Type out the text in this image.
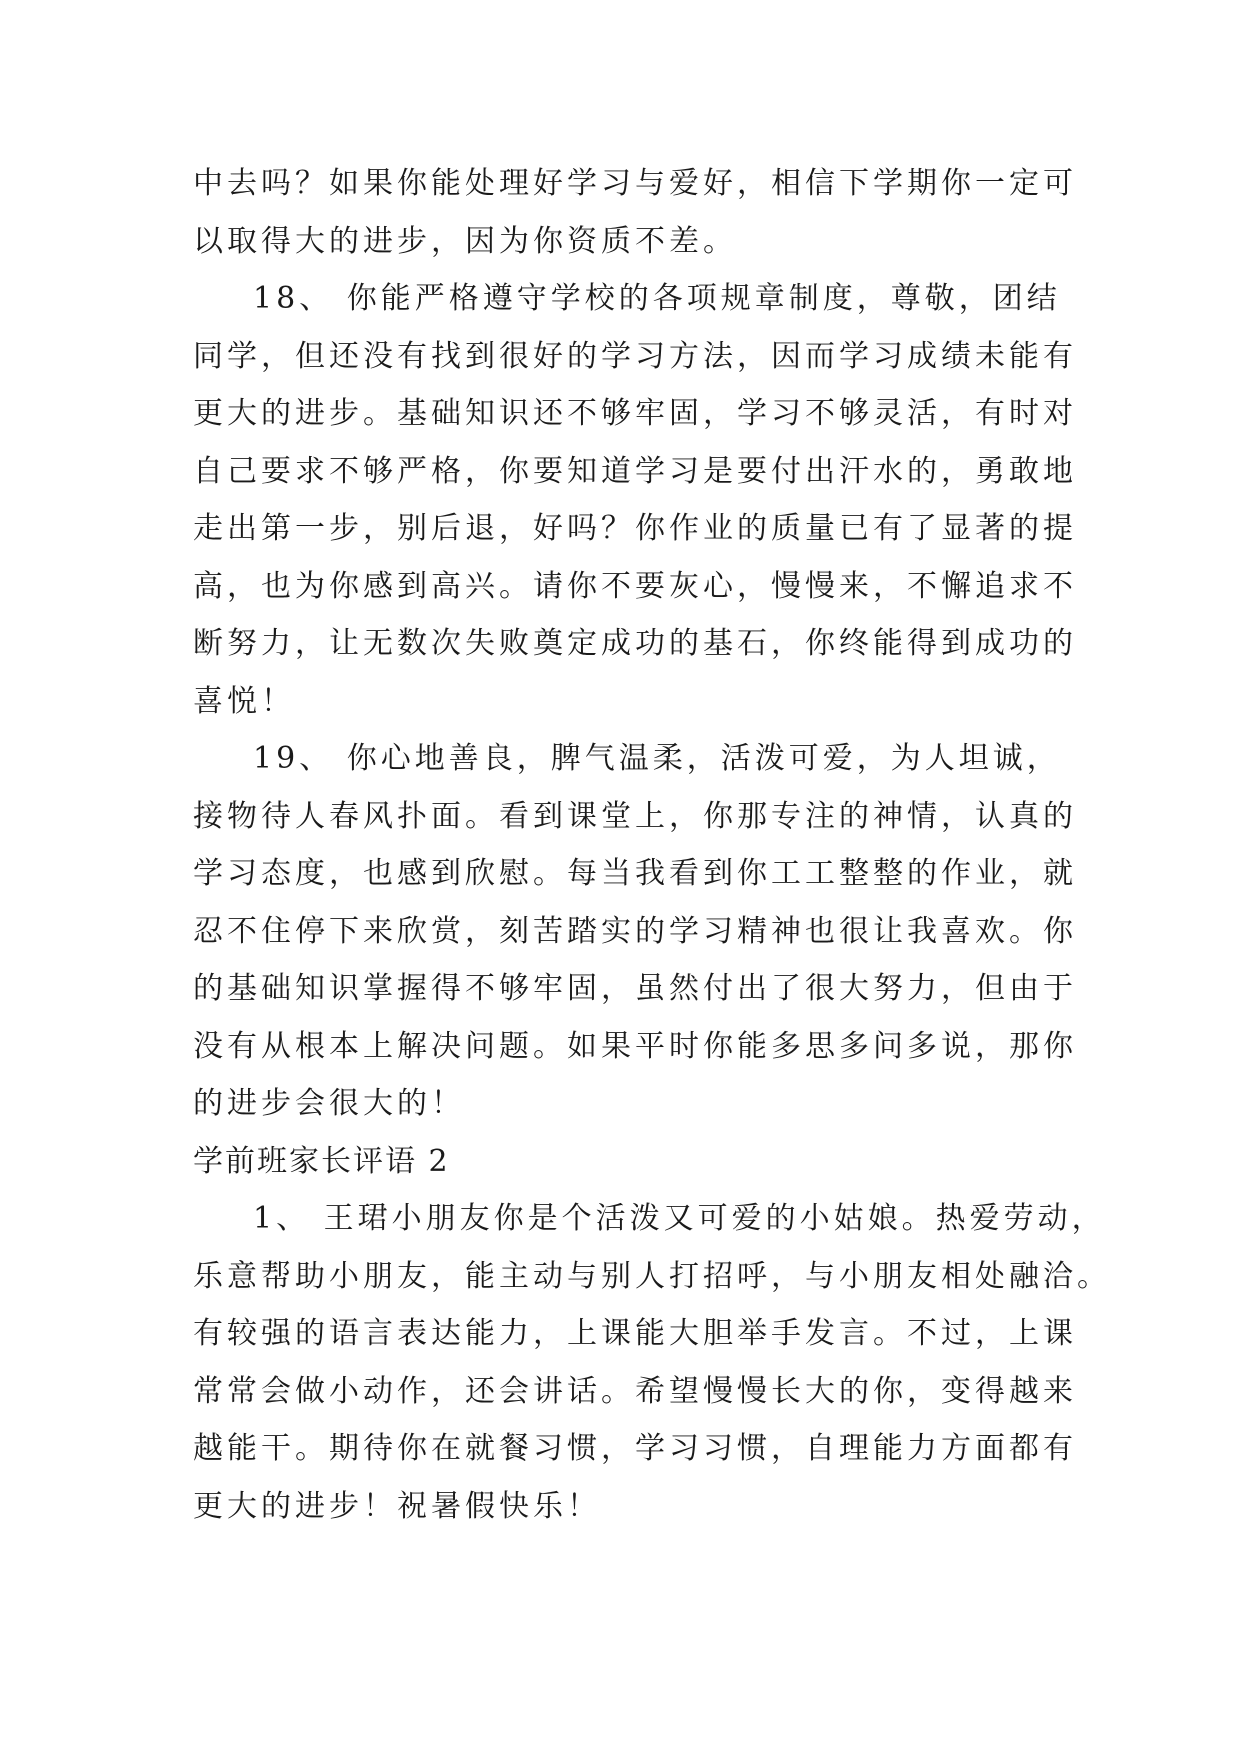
中去吗？如果你能处理好学习与爱好，相信下学期你一定可
以取得大的进步，因为你资质不差。
18、 你能严格遵守学校的各项规章制度，尊敬，团结
同学，但还没有找到很好的学习方法，因而学习成绩未能有
更大的进步。基础知识还不够牢固，学习不够灵活，有时对
自己要求不够严格，你要知道学习是要付出汗水的，勇敢地
走出第一步，别后退，好吗？你作业的质量已有了显著的提
高，也为你感到高兴。请你不要灰心，慢慢来，不懈追求不
断努力，让无数次失败奠定成功的基石，你终能得到成功的
喜悦！
19、 你心地善良，脾气温柔，活泼可爱，为人坦诚，
接物待人春风扑面。看到课堂上，你那专注的神情，认真的
学习态度，也感到欣慰。每当我看到你工工整整的作业，就
忍不住停下来欣赏，刻苦踏实的学习精神也很让我喜欢。你
的基础知识掌握得不够牢固，虽然付出了很大努力，但由于
没有从根本上解决问题。如果平时你能多思多问多说，那你
的进步会很大的！
学前班家长评语 2
1、 王珺小朋友你是个活泼又可爱的小姑娘。热爱劳动，
乐意帮助小朋友，能主动与别人打招呼，与小朋友相处融洽。
有较强的语言表达能力，上课能大胆举手发言。不过，上课
常常会做小动作，还会讲话。希望慢慢长大的你，变得越来
越能干。期待你在就餐习惯，学习习惯，自理能力方面都有
更大的进步！祝暑假快乐！
